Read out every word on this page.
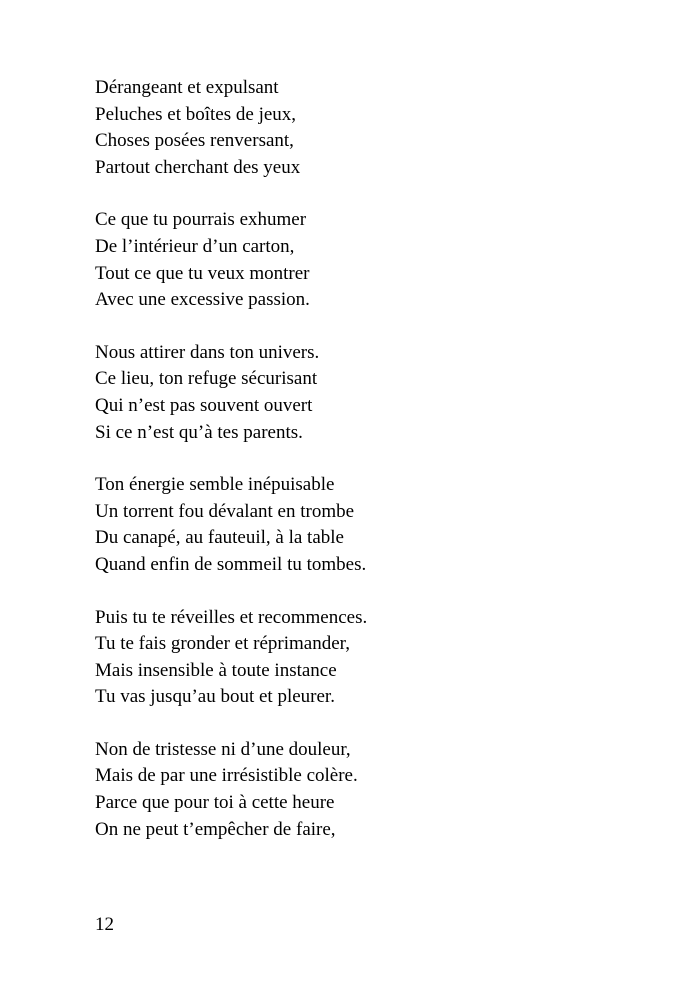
Dérangeant et expulsant
Peluches et boîtes de jeux,
Choses posées renversant,
Partout cherchant des yeux
Ce que tu pourrais exhumer
De l’intérieur d’un carton,
Tout ce que tu veux montrer
Avec une excessive passion.
Nous attirer dans ton univers.
Ce lieu, ton refuge sécurisant
Qui n’est pas souvent ouvert
Si ce n’est qu’à tes parents.
Ton énergie semble inépuisable
Un torrent fou dévalant en trombe
Du canapé, au fauteuil, à la table
Quand enfin de sommeil tu tombes.
Puis tu te réveilles et recommences.
Tu te fais gronder et réprimander,
Mais insensible à toute instance
Tu vas jusqu’au bout et pleurer.
Non de tristesse ni d’une douleur,
Mais de par une irrésistible colère.
Parce que pour toi à cette heure
On ne peut t’empêcher de faire,
12
